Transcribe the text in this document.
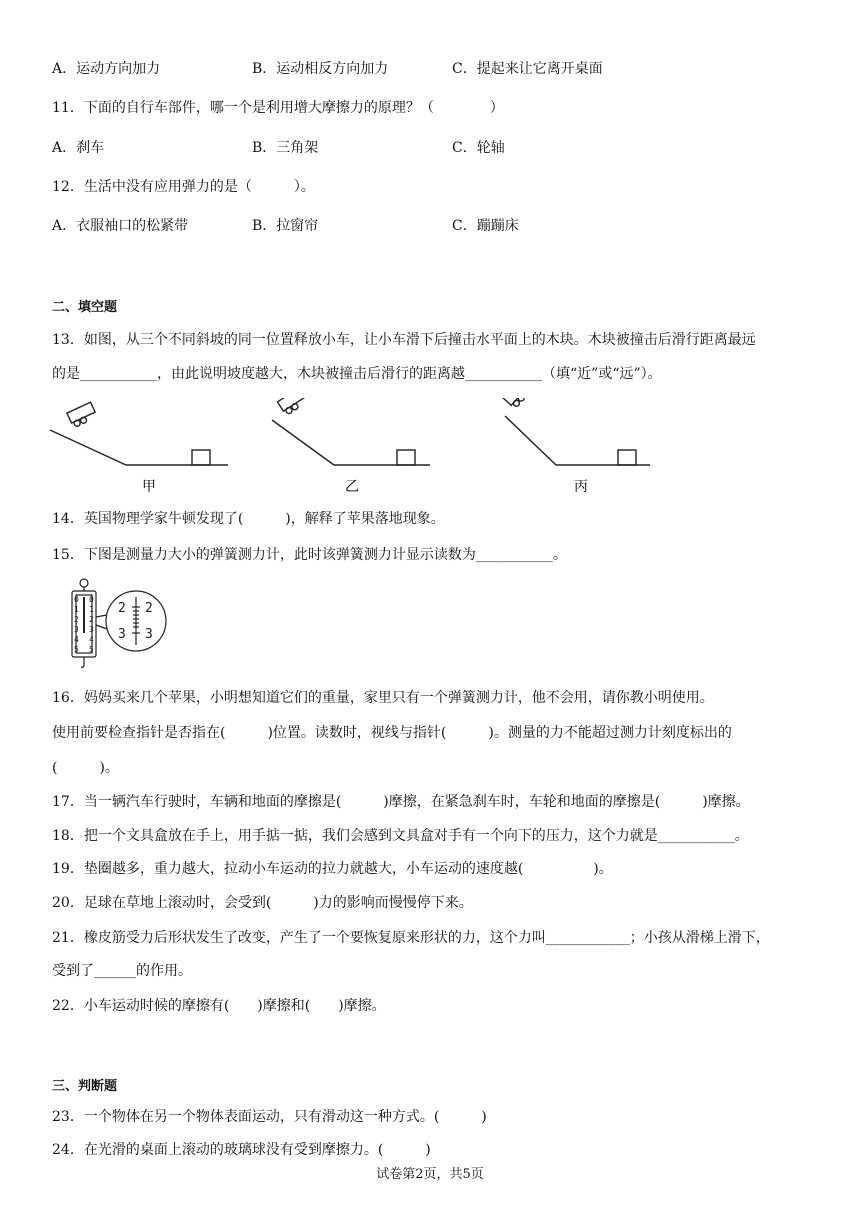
A．运动方向加力	B．运动相反方向加力	C．提起来让它离开桌面
11．下面的自行车部件，哪一个是利用增大摩擦力的原理？（　　　　）
A．刹车	B．三角架	C．轮轴
12．生活中没有应用弹力的是（　　　）。
A．衣服袖口的松紧带	B．拉窗帘	C．蹦蹦床
二、填空题
13．如图，从三个不同斜坡的同一位置释放小车，让小车滑下后撞击水平面上的木块。木块被撞击后滑行距离最远
的是___________，由此说明坡度越大，木块被撞击后滑行的距离越___________（填“近”或“远”）。
甲	乙	丙
14．英国物理学家牛顿发现了(　　　)，解释了苹果落地现象。
15．下图是测量力大小的弹簧测力计，此时该弹簧测力计显示读数为___________。
0
1
2
3
4
5
0
1
2
3
4
5
2
3
2
3
16．妈妈买来几个苹果，小明想知道它们的重量，家里只有一个弹簧测力计，他不会用，请你教小明使用。
使用前要检查指针是否指在(　　　)位置。读数时，视线与指针(　　　)。测量的力不能超过测力计刻度标出的
(　　　)。
17．当一辆汽车行驶时，车辆和地面的摩擦是(　　　)摩擦，在紧急刹车时，车轮和地面的摩擦是(　　　)摩擦。
18．把一个文具盒放在手上，用手掂一掂，我们会感到文具盒对手有一个向下的压力，这个力就是___________。
19．垫圈越多，重力越大，拉动小车运动的拉力就越大，小车运动的速度越(　　　　　)。
20．足球在草地上滚动时，会受到(　　　)力的影响而慢慢停下来。
21．橡皮筋受力后形状发生了改变，产生了一个要恢复原来形状的力，这个力叫____________；小孩从滑梯上滑下，
受到了______的作用。
22．小车运动时候的摩擦有(　　)摩擦和(　　)摩擦。
三、判断题
23．一个物体在另一个物体表面运动，只有滑动这一种方式。(　　　)
24．在光滑的桌面上滚动的玻璃球没有受到摩擦力。(　　　)
试卷第2页，共5页
